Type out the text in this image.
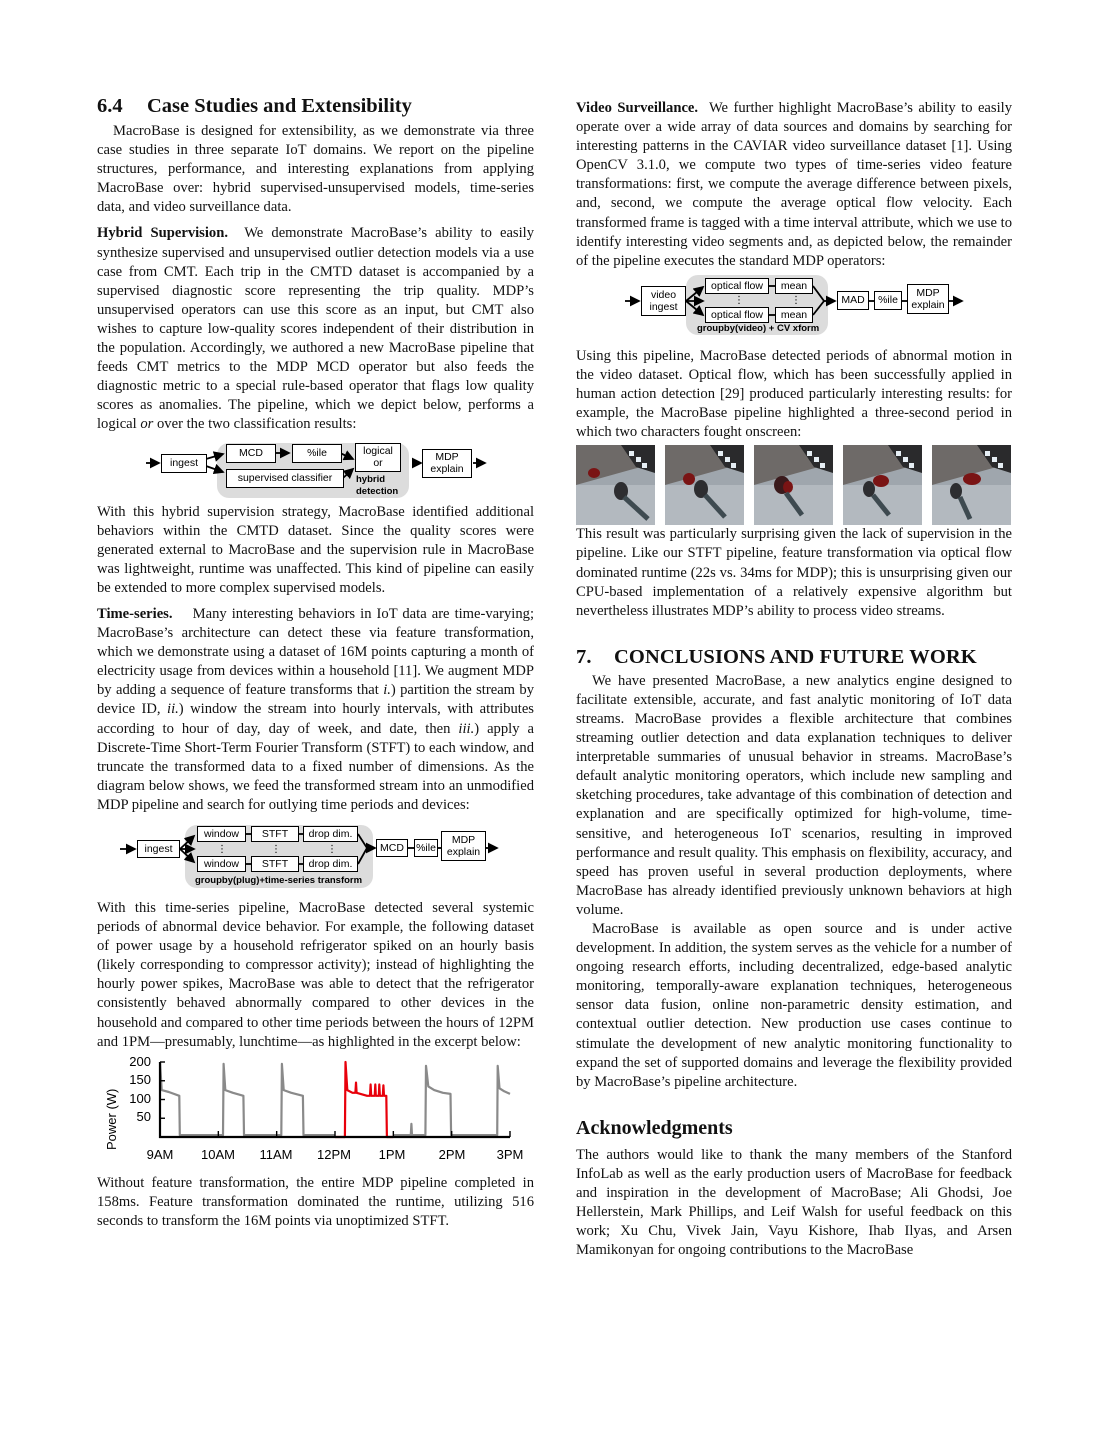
6.4 Case Studies and Extensibility

MacroBase is designed for extensibility, as we demonstrate via three case studies in three separate IoT domains. We report on the pipeline structures, performance, and interesting explanations from applying MacroBase over: hybrid supervised-unsupervised models, time-series data, and video surveillance data.

Hybrid Supervision. We demonstrate MacroBase’s ability to easily synthesize supervised and unsupervised outlier detection models via a use case from CMT. Each trip in the CMTD dataset is accompanied by a supervised diagnostic score representing the trip quality. MDP’s unsupervised operators can use this score as an input, but CMT also wishes to capture low-quality scores independent of their distribution in the population. Accordingly, we authored a new MacroBase pipeline that feeds CMT metrics to the MDP MCD operator but also feeds the diagnostic metric to a special rule-based operator that flags low quality scores as anomalies. The pipeline, which we depict below, performs a logical or over the two classification results:

ingest
MCD	%ile
supervised classifier
logical
or
hybrid
detection
MDP
explain

With this hybrid supervision strategy, MacroBase identified additional behaviors within the CMTD dataset. Since the quality scores were generated external to MacroBase and the supervision rule in MacroBase was lightweight, runtime was unaffected. This kind of pipeline can easily be extended to more complex supervised models.

Time-series. Many interesting behaviors in IoT data are time-varying; MacroBase’s architecture can detect these via feature transformation, which we demonstrate using a dataset of 16M points capturing a month of electricity usage from devices within a household [11]. We augment MDP by adding a sequence of feature transforms that i.) partition the stream by device ID, ii.) window the stream into hourly intervals, with attributes according to hour of day, day of week, and date, then iii.) apply a Discrete-Time Short-Term Fourier Transform (STFT) to each window, and truncate the transformed data to a fixed number of dimensions. As the diagram below shows, we feed the transformed stream into an unmodified MDP pipeline and search for outlying time periods and devices:

ingest
window STFT drop dim.
⋮	⋮	⋮
window STFT drop dim.
groupby(plug)+time-series transform
MCD %ile
MDP
explain

With this time-series pipeline, MacroBase detected several systemic periods of abnormal device behavior. For example, the following dataset of power usage by a household refrigerator spiked on an hourly basis (likely corresponding to compressor activity); instead of highlighting the hourly power spikes, MacroBase was able to detect that the refrigerator consistently behaved abnormally compared to other devices in the household and compared to other time periods between the hours of 12PM and 1PM—presumably, lunchtime—as highlighted in the excerpt below:

Power (W)
200
150
100
50
9AM	10AM	11AM	12PM	1PM	2PM	3PM

Without feature transformation, the entire MDP pipeline completed in 158ms. Feature transformation dominated the runtime, utilizing 516 seconds to transform the 16M points via unoptimized STFT.

Video Surveillance. We further highlight MacroBase’s ability to easily operate over a wide array of data sources and domains by searching for interesting patterns in the CAVIAR video surveillance dataset [1]. Using OpenCV 3.1.0, we compute two types of time-series video feature transformations: first, we compute the average difference between pixels, and, second, we compute the average optical flow velocity. Each transformed frame is tagged with a time interval attribute, which we use to identify interesting video segments and, as depicted below, the remainder of the pipeline executes the standard MDP operators:

video
ingest
optical flow mean
⋮	⋮
optical flow mean
groupby(video) + CV xform
MAD %ile
MDP
explain

Using this pipeline, MacroBase detected periods of abnormal motion in the video dataset. Optical flow, which has been successfully applied in human action detection [29] produced particularly interesting results: for example, the MacroBase pipeline highlighted a three-second period in which two characters fought onscreen:

This result was particularly surprising given the lack of supervision in the pipeline. Like our STFT pipeline, feature transformation via optical flow dominated runtime (22s vs. 34ms for MDP); this is unsurprising given our CPU-based implementation of a relatively expensive algorithm but nevertheless illustrates MDP’s ability to process video streams.

7. CONCLUSIONS AND FUTURE WORK

We have presented MacroBase, a new analytics engine designed to facilitate extensible, accurate, and fast analytic monitoring of IoT data streams. MacroBase provides a flexible architecture that combines streaming outlier detection and data explanation techniques to deliver interpretable summaries of unusual behavior in streams. MacroBase’s default analytic monitoring operators, which include new sampling and sketching procedures, take advantage of this combination of detection and explanation and are specifically optimized for high-volume, time-sensitive, and heterogeneous IoT scenarios, resulting in improved performance and result quality. This emphasis on flexibility, accuracy, and speed has proven useful in several production deployments, where MacroBase has already identified previously unknown behaviors at high volume.

MacroBase is available as open source and is under active development. In addition, the system serves as the vehicle for a number of ongoing research efforts, including decentralized, edge-based analytic monitoring, temporally-aware explanation techniques, heterogeneous sensor data fusion, online non-parametric density estimation, and contextual outlier detection. New production use cases continue to stimulate the development of new analytic monitoring functionality to expand the set of supported domains and leverage the flexibility provided by MacroBase’s pipeline architecture.

Acknowledgments

The authors would like to thank the many members of the Stanford InfoLab as well as the early production users of MacroBase for feedback and inspiration in the development of MacroBase; Ali Ghodsi, Joe Hellerstein, Mark Phillips, and Leif Walsh for useful feedback on this work; Xu Chu, Vivek Jain, Vayu Kishore, Ihab Ilyas, and Arsen Mamikonyan for ongoing contributions to the MacroBase
